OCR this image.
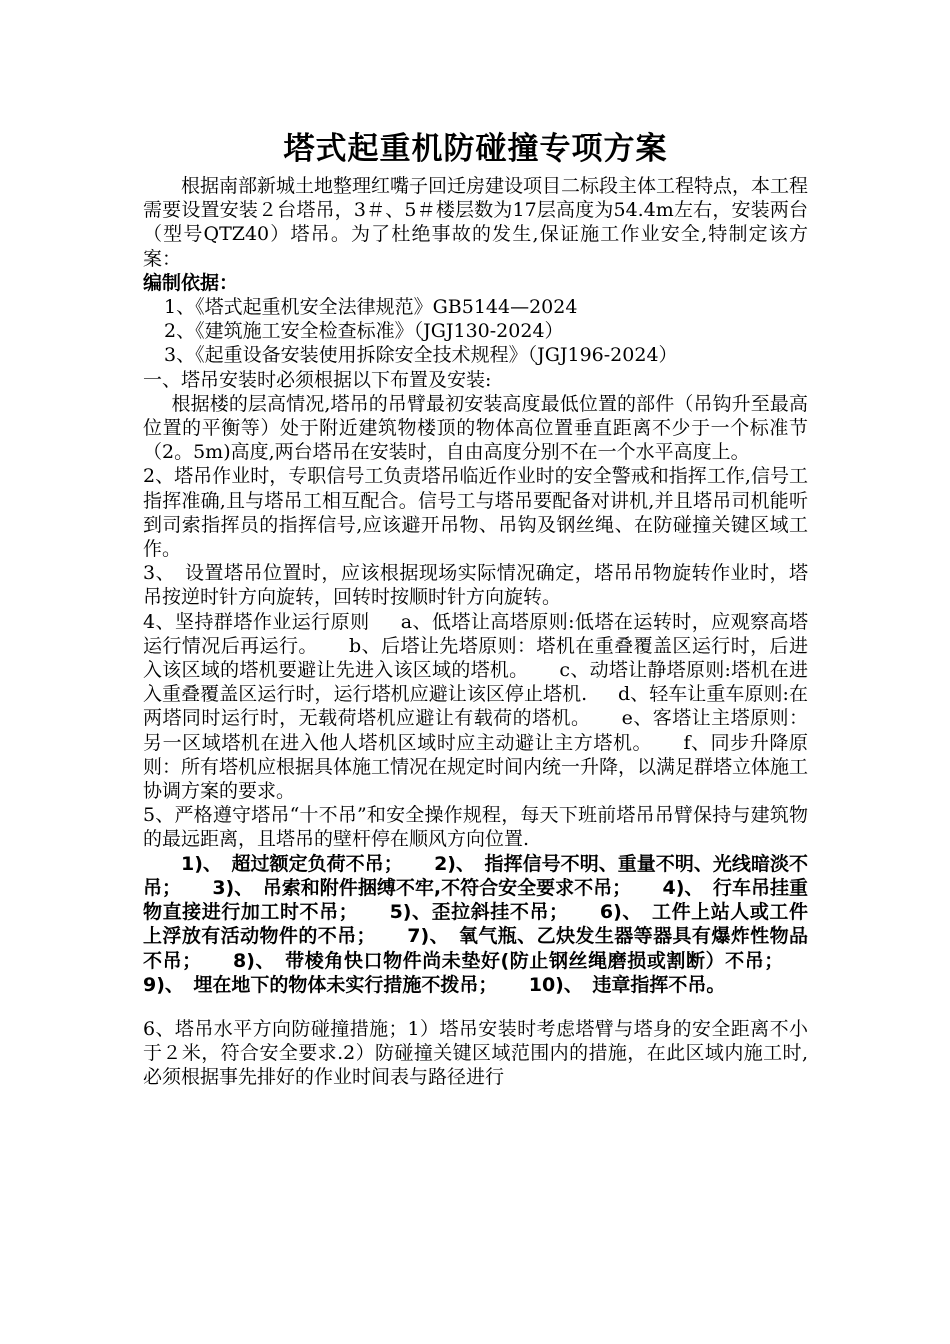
塔式起重机防碰撞专项方案

根据南部新城土地整理红嘴子回迁房建设项目二标段主体工程特点，本工程需要设置安装２台塔吊，3＃、5＃楼层数为17层高度为54.4m左右，安装两台（型号QTZ40）塔吊。为了杜绝事故的发生,保证施工作业安全,特制定该方案：

编制依据：

1、《塔式起重机安全法律规范》GB5144—2024

2、《建筑施工安全检查标准》（JGJ130-2024）

3、《起重设备安装使用拆除安全技术规程》（JGJ196-2024）

一、塔吊安装时必须根据以下布置及安装:

根据楼的层高情况,塔吊的吊臂最初安装高度最低位置的部件（吊钩升至最高位置的平衡等）处于附近建筑物楼顶的物体高位置垂直距离不少于一个标准节（2。5m)高度,两台塔吊在安装时，自由高度分别不在一个水平高度上。

2、塔吊作业时，专职信号工负责塔吊临近作业时的安全警戒和指挥工作,信号工指挥准确,且与塔吊工相互配合。信号工与塔吊要配备对讲机,并且塔吊司机能听到司索指挥员的指挥信号,应该避开吊物、吊钩及钢丝绳、在防碰撞关键区域工作。

3、　设置塔吊位置时，应该根据现场实际情况确定，塔吊吊物旋转作业时，塔吊按逆时针方向旋转，回转时按顺时针方向旋转。

4、坚持群塔作业运行原则 a、低塔让高塔原则:低塔在运转时，应观察高塔运行情况后再运行。 b、后塔让先塔原则：塔机在重叠覆盖区运行时，后进入该区域的塔机要避让先进入该区域的塔机。 c、动塔让静塔原则:塔机在进入重叠覆盖区运行时，运行塔机应避让该区停止塔机. d、轻车让重车原则:在两塔同时运行时，无载荷塔机应避让有载荷的塔机。 e、客塔让主塔原则：另一区域塔机在进入他人塔机区域时应主动避让主方塔机。 f、同步升降原则：所有塔机应根据具体施工情况在规定时间内统一升降，以满足群塔立体施工协调方案的要求。

5、严格遵守塔吊“十不吊”和安全操作规程，每天下班前塔吊吊臂保持与建筑物的最远距离，且塔吊的壁杆停在顺风方向位置.

1)、　超过额定负荷不吊； 2)、　指挥信号不明、重量不明、光线暗淡不吊； 3)、　吊索和附件捆缚不牢,不符合安全要求不吊； 4)、　行车吊挂重物直接进行加工时不吊； 5)、歪拉斜挂不吊； 6)、　工件上站人或工件上浮放有活动物件的不吊； 7)、　氧气瓶、乙炔发生器等器具有爆炸性物品不吊； 8)、　带棱角快口物件尚未垫好(防止钢丝绳磨损或割断）不吊； 9)、　埋在地下的物体未实行措施不拨吊； 10)、　违章指挥不吊。

6、塔吊水平方向防碰撞措施；1）塔吊安装时考虑塔臂与塔身的安全距离不小于２米，符合安全要求.2）防碰撞关键区域范围内的措施，在此区域内施工时,必须根据事先排好的作业时间表与路径进行
